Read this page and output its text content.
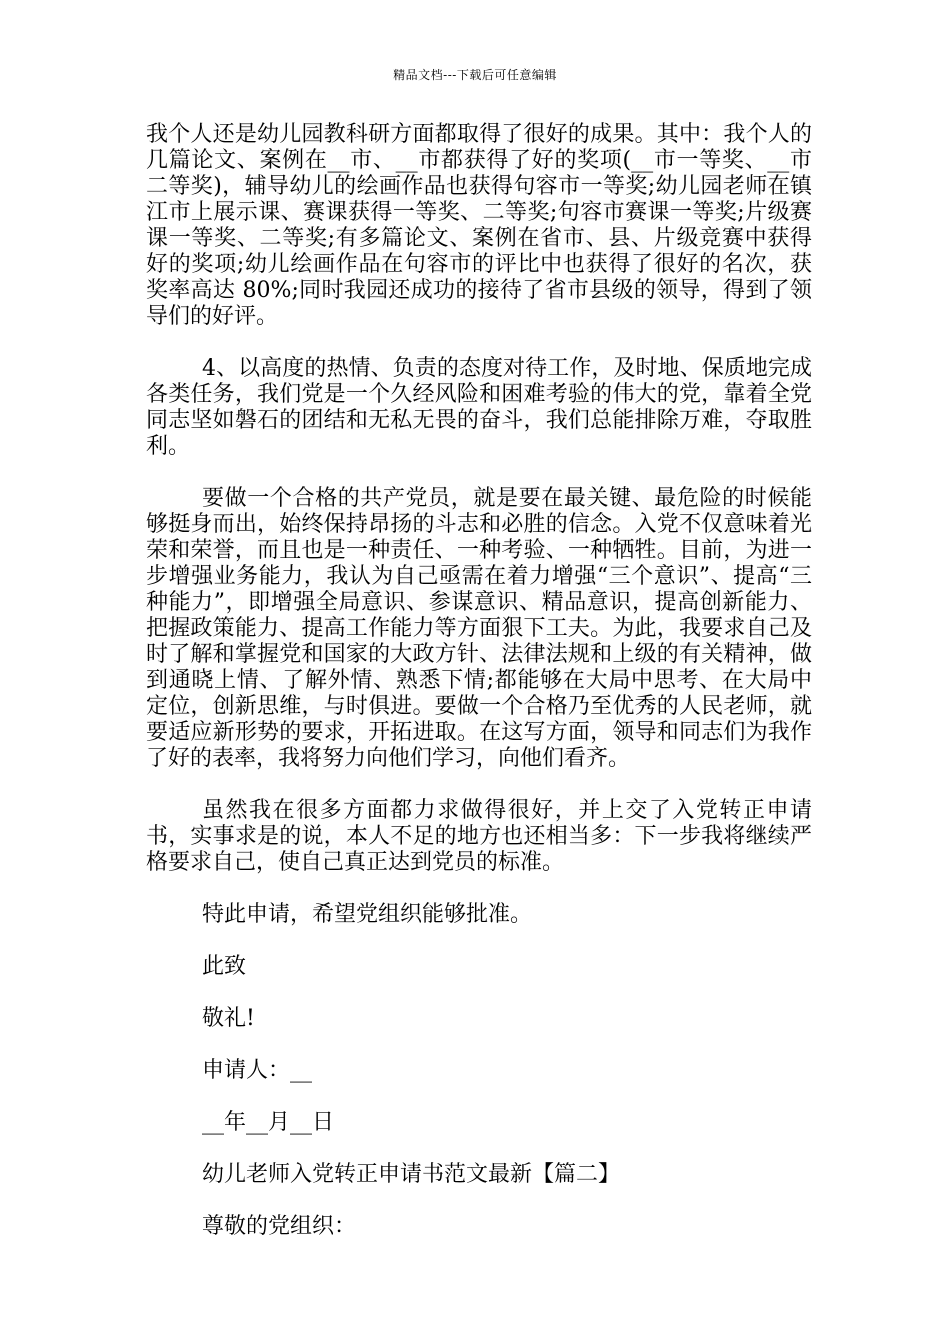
精品文档---下载后可任意编辑

我个人还是幼儿园教科研方面都取得了很好的成果。其中：我个人的几篇论文、案例在__市、__市都获得了好的奖项(__市一等奖、__市二等奖)，辅导幼儿的绘画作品也获得句容市一等奖;幼儿园老师在镇江市上展示课、赛课获得一等奖、二等奖;句容市赛课一等奖;片级赛课一等奖、二等奖;有多篇论文、案例在省市、县、片级竞赛中获得好的奖项;幼儿绘画作品在句容市的评比中也获得了很好的名次，获奖率高达 80%;同时我园还成功的接待了省市县级的领导，得到了领导们的好评。

4、以高度的热情、负责的态度对待工作，及时地、保质地完成各类任务，我们党是一个久经风险和困难考验的伟大的党，靠着全党同志坚如磐石的团结和无私无畏的奋斗，我们总能排除万难，夺取胜利。

要做一个合格的共产党员，就是要在最关键、最危险的时候能够挺身而出，始终保持昂扬的斗志和必胜的信念。入党不仅意味着光荣和荣誉，而且也是一种责任、一种考验、一种牺牲。目前，为进一步增强业务能力，我认为自己亟需在着力增强“三个意识”、提高“三种能力”，即增强全局意识、参谋意识、精品意识，提高创新能力、把握政策能力、提高工作能力等方面狠下工夫。为此，我要求自己及时了解和掌握党和国家的大政方针、法律法规和上级的有关精神，做到通晓上情、了解外情、熟悉下情;都能够在大局中思考、在大局中定位，创新思维，与时俱进。要做一个合格乃至优秀的人民老师，就要适应新形势的要求，开拓进取。在这写方面，领导和同志们为我作了好的表率，我将努力向他们学习，向他们看齐。

虽然我在很多方面都力求做得很好，并上交了入党转正申请书，实事求是的说，本人不足的地方也还相当多：下一步我将继续严格要求自己，使自己真正达到党员的标准。

特此申请，希望党组织能够批准。

此致

敬礼!

申请人：__

__年__月__日

幼儿老师入党转正申请书范文最新【篇二】

尊敬的党组织：
